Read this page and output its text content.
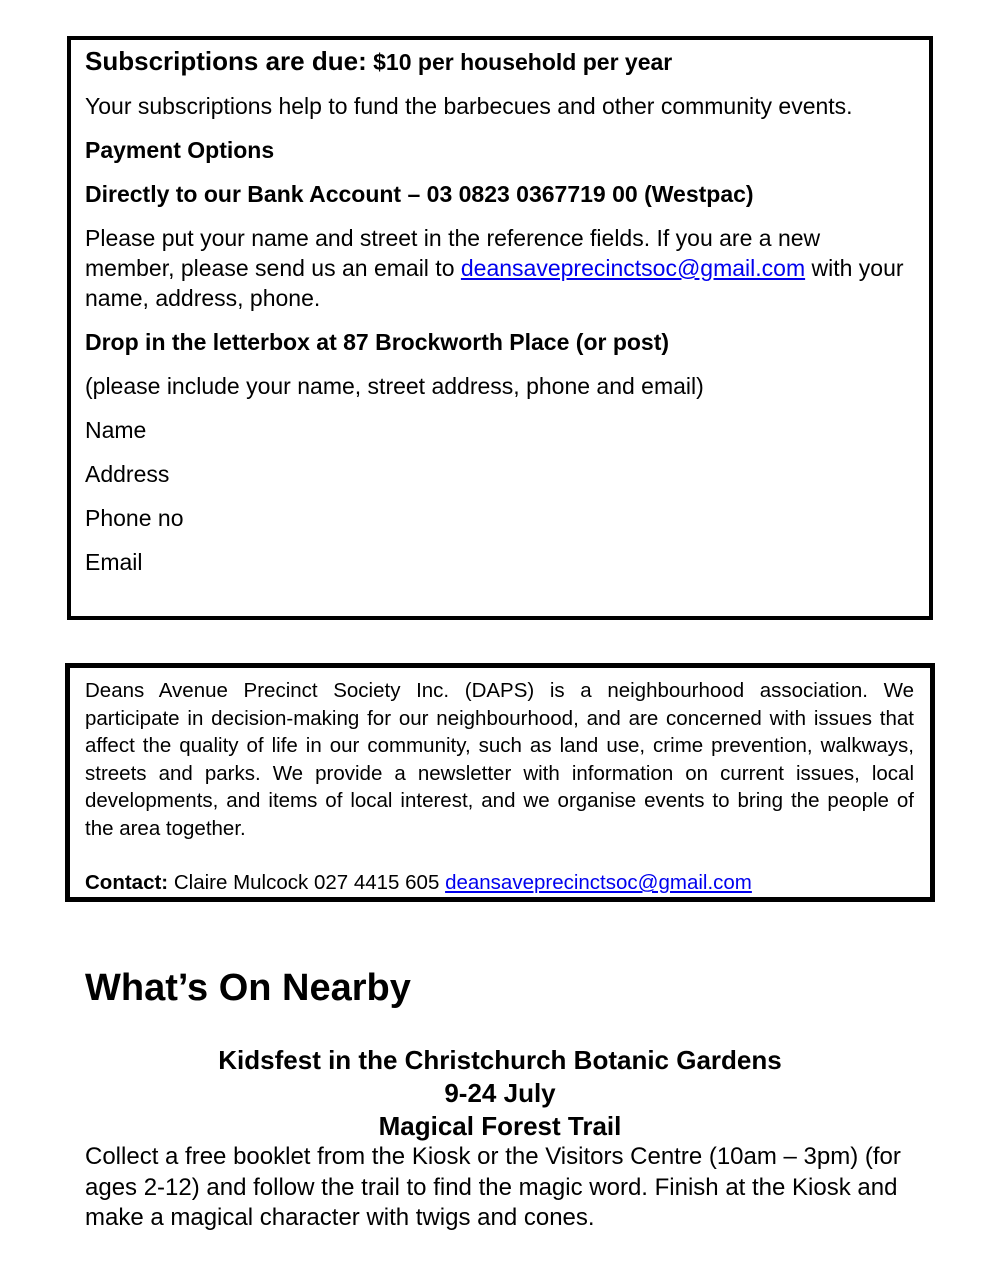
Subscriptions are due: $10 per household per year
Your subscriptions help to fund the barbecues and other community events.
Payment Options
Directly to our Bank Account – 03 0823 0367719 00 (Westpac)
Please put your name and street in the reference fields. If you are a new member, please send us an email to deansaveprecinctsoc@gmail.com with your name, address, phone.
Drop in the letterbox at 87 Brockworth Place (or post)
(please include your name, street address, phone and email)
Name
Address
Phone no
Email

Deans Avenue Precinct Society Inc. (DAPS) is a neighbourhood association. We participate in decision-making for our neighbourhood, and are concerned with issues that affect the quality of life in our community, such as land use, crime prevention, walkways, streets and parks. We provide a newsletter with information on current issues, local developments, and items of local interest, and we organise events to bring the people of the area together.

Contact: Claire Mulcock 027 4415 605 deansaveprecinctsoc@gmail.com

What’s On Nearby
Kidsfest in the Christchurch Botanic Gardens
9-24 July
Magical Forest Trail
Collect a free booklet from the Kiosk or the Visitors Centre (10am – 3pm) (for ages 2-12) and follow the trail to find the magic word. Finish at the Kiosk and make a magical character with twigs and cones.
